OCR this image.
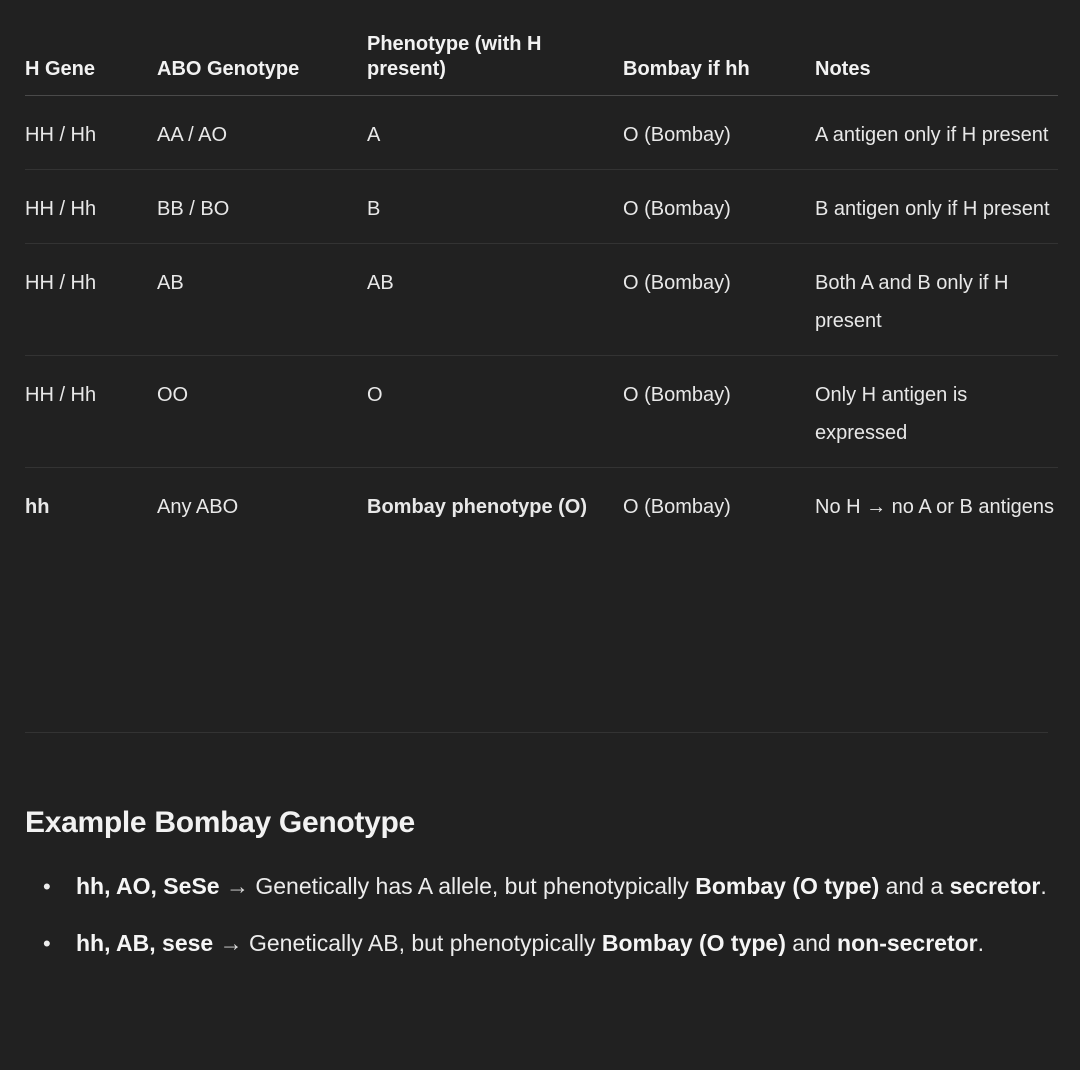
H Gene	ABO Genotype	Phenotype (with H present)	Bombay if hh	Notes
HH / Hh	AA / AO	A	O (Bombay)	A antigen only if H present
HH / Hh	BB / BO	B	O (Bombay)	B antigen only if H present
HH / Hh	AB	AB	O (Bombay)	Both A and B only if H present
HH / Hh	OO	O	O (Bombay)	Only H antigen is expressed
hh	Any ABO	Bombay phenotype (O)	O (Bombay)	No H → no A or B antigens
Example Bombay Genotype
• hh, AO, SeSe → Genetically has A allele, but phenotypically Bombay (O type) and a secretor.
• hh, AB, sese → Genetically AB, but phenotypically Bombay (O type) and non-secretor.
